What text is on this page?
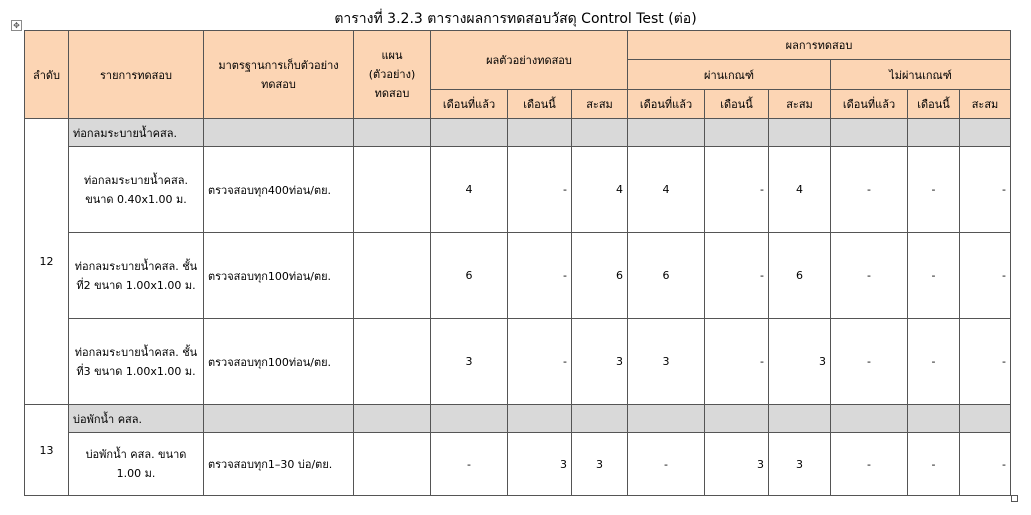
ตารางที่ 3.2.3 ตารางผลการทดสอบวัสดุ Control Test (ต่อ)
✥
ลำดับ	รายการทดสอบ	มาตรฐานการเก็บตัวอย่างทดสอบ	แผน (ตัวอย่าง) ทดสอบ	ผลตัวอย่างทดสอบ			ผลการทดสอบ					
							ผ่านเกณฑ์			ไม่ผ่านเกณฑ์		
				เดือนที่แล้ว	เดือนนี้	สะสม	เดือนที่แล้ว	เดือนนี้	สะสม	เดือนที่แล้ว	เดือนนี้	สะสม
12	ท่อกลมระบายน้ำคสล.											
	ท่อกลมระบายน้ำคสล. ขนาด 0.40x1.00 ม.	ตรวจสอบทุก400ท่อน/ตย.		4	-	4	4	-	4	-	-	-
	ท่อกลมระบายน้ำคสล. ชั้นที่2 ขนาด 1.00x1.00 ม.	ตรวจสอบทุก100ท่อน/ตย.		6	-	6	6	-	6	-	-	-
	ท่อกลมระบายน้ำคสล. ชั้นที่3 ขนาด 1.00x1.00 ม.	ตรวจสอบทุก100ท่อน/ตย.		3	-	3	3	-	3	-	-	-
13	บ่อพักน้ำ คสล.											
	บ่อพักน้ำ คสล. ขนาด 1.00 ม.	ตรวจสอบทุก1–30 บ่อ/ตย.		-	3	3	-	3	3	-	-	-
